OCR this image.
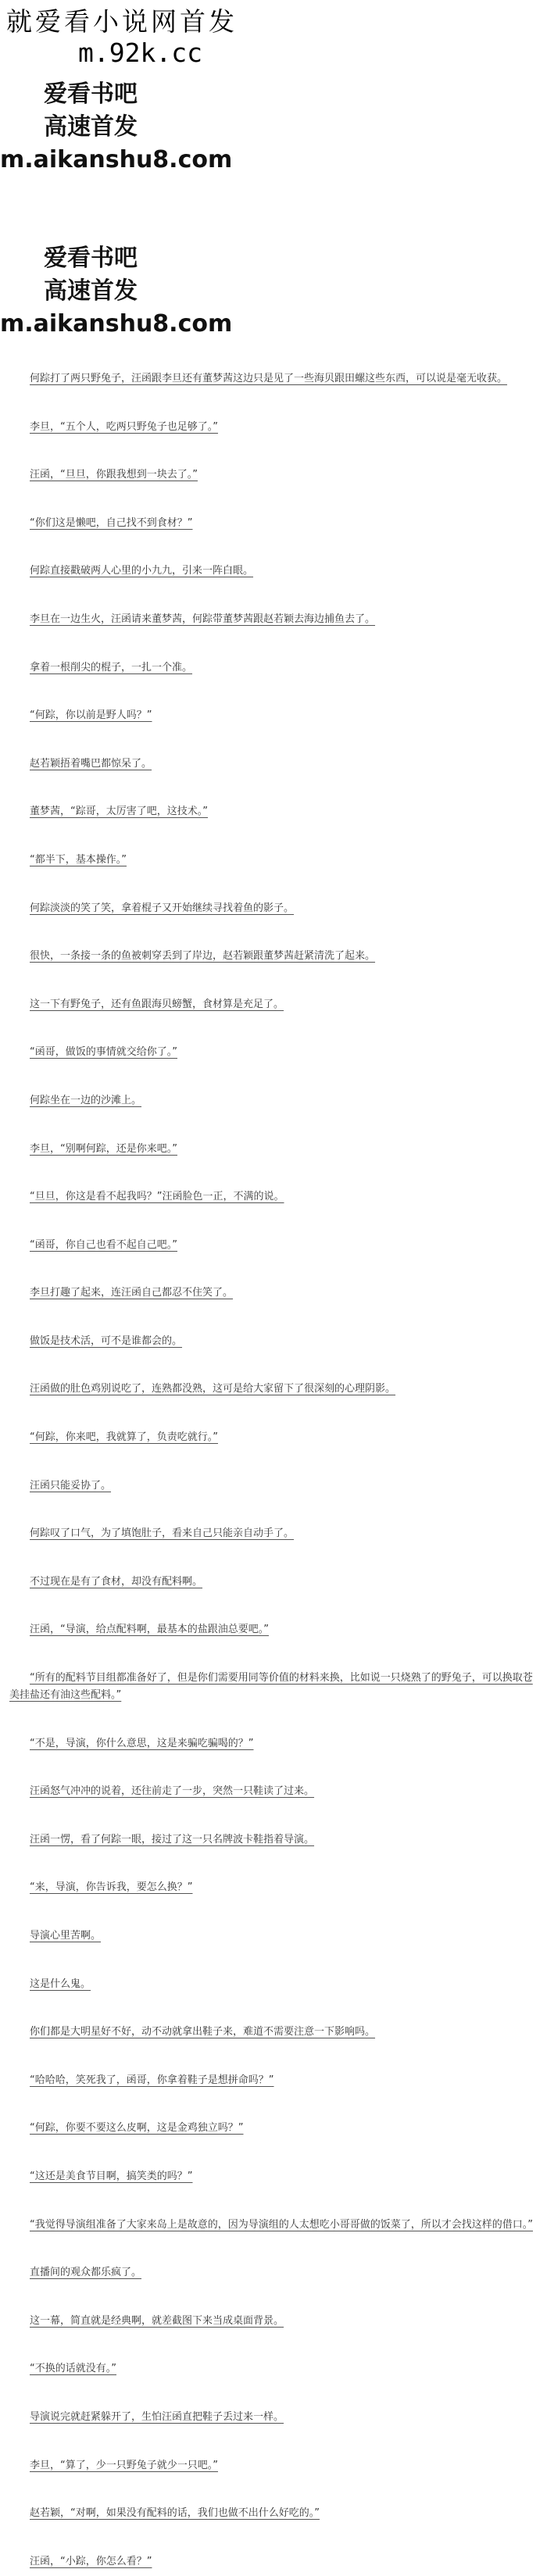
就爱看小说网首发
m.92k.cc
爱看书吧
高速首发
m.aikanshu8.com
爱看书吧
高速首发
m.aikanshu8.com

何踪打了两只野兔子，汪函跟李旦还有董梦茜这边只是见了一些海贝跟田螺这些东西，可以说是毫无收获。

李旦，“五个人，吃两只野兔子也足够了。”

汪函，“旦旦，你跟我想到一块去了。”

“你们这是懒吧，自己找不到食材？”

何踪直接戳破两人心里的小九九，引来一阵白眼。

李旦在一边生火，汪函请来董梦茜，何踪带董梦茜跟赵若颖去海边捕鱼去了。

拿着一根削尖的棍子，一扎一个准。

“何踪，你以前是野人吗？”

赵若颖捂着嘴巴都惊呆了。

董梦茜，“踪哥，太厉害了吧，这技术。”

“都半下，基本操作。”

何踪淡淡的笑了笑，拿着棍子又开始继续寻找着鱼的影子。

很快，一条接一条的鱼被刺穿丢到了岸边，赵若颖跟董梦茜赶紧清洗了起来。

这一下有野兔子，还有鱼跟海贝螃蟹，食材算是充足了。

“函哥，做饭的事情就交给你了。”

何踪坐在一边的沙滩上。

李旦，“别啊何踪，还是你来吧。”

“旦旦，你这是看不起我吗？”汪函脸色一正，不满的说。

“函哥，你自己也看不起自己吧。”

李旦打趣了起来，连汪函自己都忍不住笑了。

做饭是技术活，可不是谁都会的。

汪函做的肚色鸡别说吃了，连熟都没熟，这可是给大家留下了很深刻的心理阴影。

“何踪，你来吧，我就算了，负责吃就行。”

汪函只能妥协了。

何踪叹了口气，为了填饱肚子，看来自己只能亲自动手了。

不过现在是有了食材，却没有配料啊。

汪函，“导演，给点配料啊，最基本的盐跟油总要吧。”

“所有的配料节目组都准备好了，但是你们需要用同等价值的材料来换，比如说一只烧熟了的野兔子，可以换取苍美挂盐还有油这些配料。”

“不是，导演，你什么意思，这是来骗吃骗喝的？”

汪函怒气冲冲的说着，还往前走了一步，突然一只鞋读了过来。

汪函一愣，看了何踪一眼，接过了这一只名牌波卡鞋指着导演。

“来，导演，你告诉我，要怎么换？”

导演心里苦啊。

这是什么鬼。

你们都是大明星好不好，动不动就拿出鞋子来，难道不需要注意一下影响吗。

“哈哈哈，笑死我了，函哥，你拿着鞋子是想拼命吗？”

“何踪，你要不要这么皮啊，这是金鸡独立吗？”

“这还是美食节目啊，搞笑类的吗？”

“我觉得导演组准备了大家来岛上是故意的，因为导演组的人太想吃小哥哥做的饭菜了，所以才会找这样的借口。”

直播间的观众都乐疯了。

这一幕，简直就是经典啊，就差截图下来当成桌面背景。

“不换的话就没有。”

导演说完就赶紧躲开了，生怕汪函直把鞋子丢过来一样。

李旦，“算了，少一只野兔子就少一只吧。”

赵若颖，“对啊，如果没有配料的话，我们也做不出什么好吃的。”

汪函，“小踪，你怎么看？”
